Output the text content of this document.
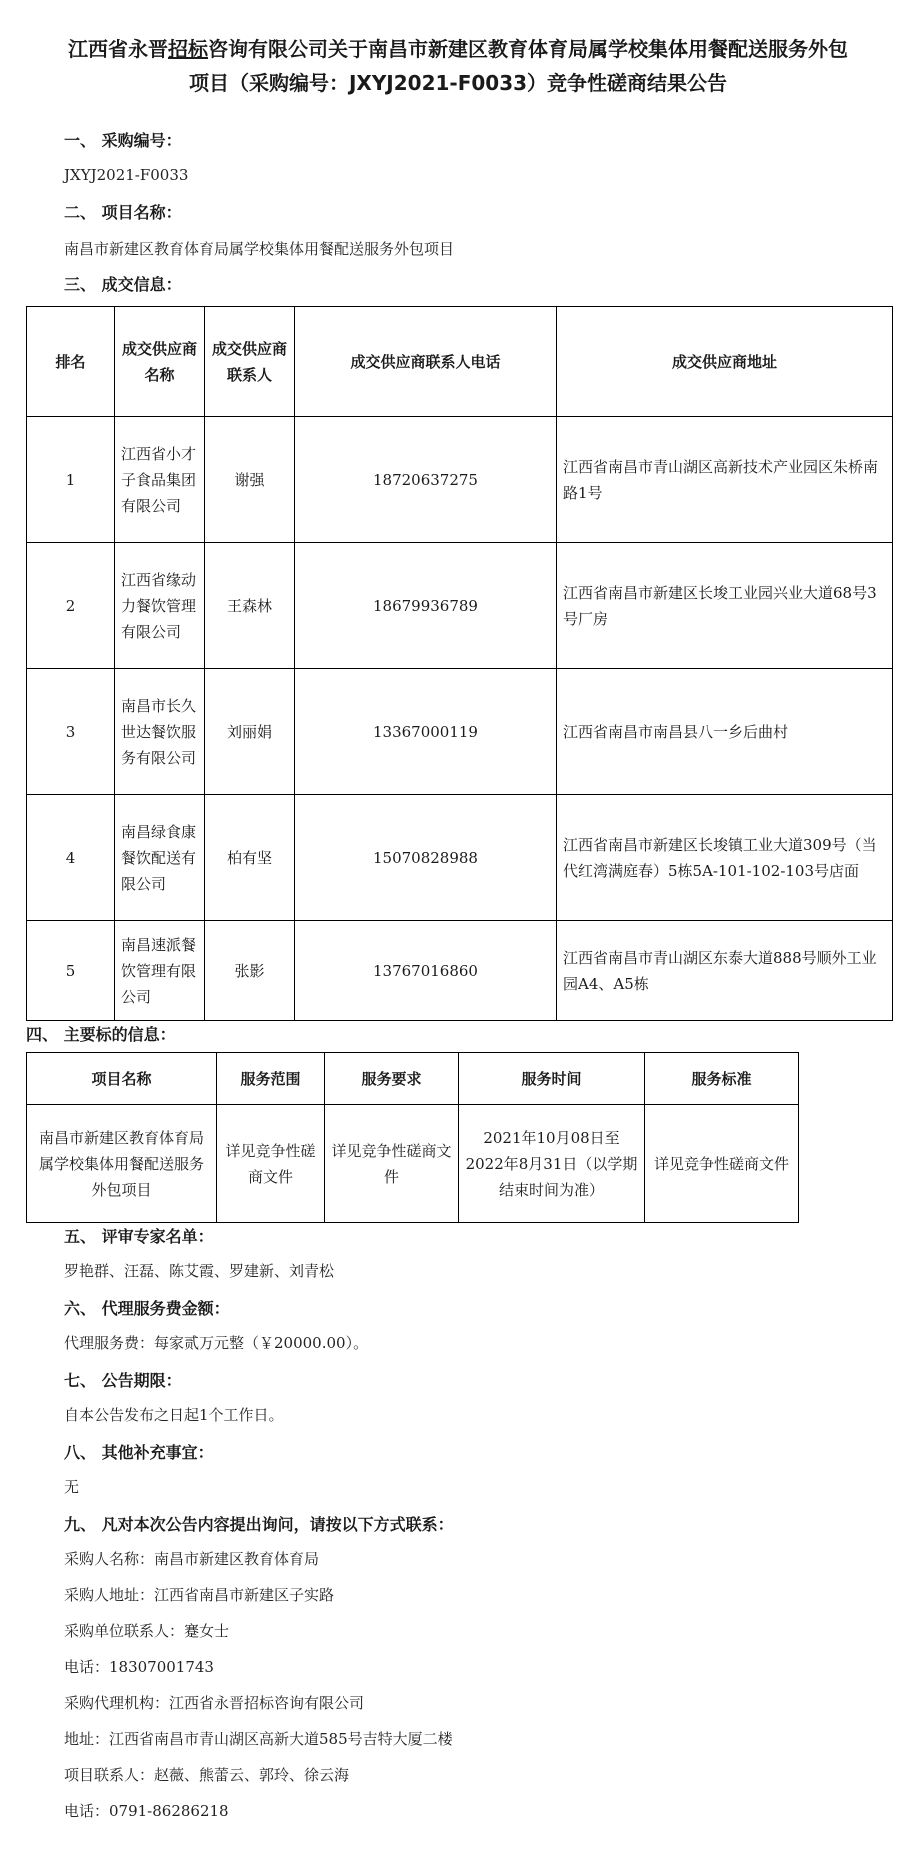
江西省永晋招标咨询有限公司关于南昌市新建区教育体育局属学校集体用餐配送服务外包
项目（采购编号：JXYJ2021-F0033）竞争性磋商结果公告
一、 采购编号：
JXYJ2021-F0033
二、 项目名称：
南昌市新建区教育体育局属学校集体用餐配送服务外包项目
三、 成交信息：
排名	成交供应商名称	成交供应商联系人	成交供应商联系人电话	成交供应商地址
1	江西省小才子食品集团有限公司	谢强	18720637275	江西省南昌市青山湖区高新技术产业园区朱桥南路1号
2	江西省缘动力餐饮管理有限公司	王森林	18679936789	江西省南昌市新建区长埈工业园兴业大道68号3号厂房
3	南昌市长久世达餐饮服务有限公司	刘丽娟	13367000119	江西省南昌市南昌县八一乡后曲村
4	南昌绿食康餐饮配送有限公司	柏有坚	15070828988	江西省南昌市新建区长埈镇工业大道309号（当代红湾满庭春）5栋5A-101-102-103号店面
5	南昌速派餐饮管理有限公司	张影	13767016860	江西省南昌市青山湖区东泰大道888号顺外工业园A4、A5栋
四、 主要标的信息：
项目名称	服务范围	服务要求	服务时间	服务标准
南昌市新建区教育体育局属学校集体用餐配送服务外包项目	详见竞争性磋商文件	详见竞争性磋商文件	2021年10月08日至2022年8月31日（以学期结束时间为准）	详见竞争性磋商文件
五、 评审专家名单：
罗艳群、汪磊、陈艾霞、罗建新、刘青松
六、 代理服务费金额：
代理服务费：每家贰万元整（￥20000.00）。
七、 公告期限：
自本公告发布之日起1个工作日。
八、 其他补充事宜：
无
九、 凡对本次公告内容提出询问，请按以下方式联系：
采购人名称：南昌市新建区教育体育局
采购人地址：江西省南昌市新建区子实路
采购单位联系人：蹇女士
电话：18307001743
采购代理机构：江西省永晋招标咨询有限公司
地址：江西省南昌市青山湖区高新大道585号吉特大厦二楼
项目联系人：赵薇、熊蕾云、郭玲、徐云海
电话：0791-86286218
